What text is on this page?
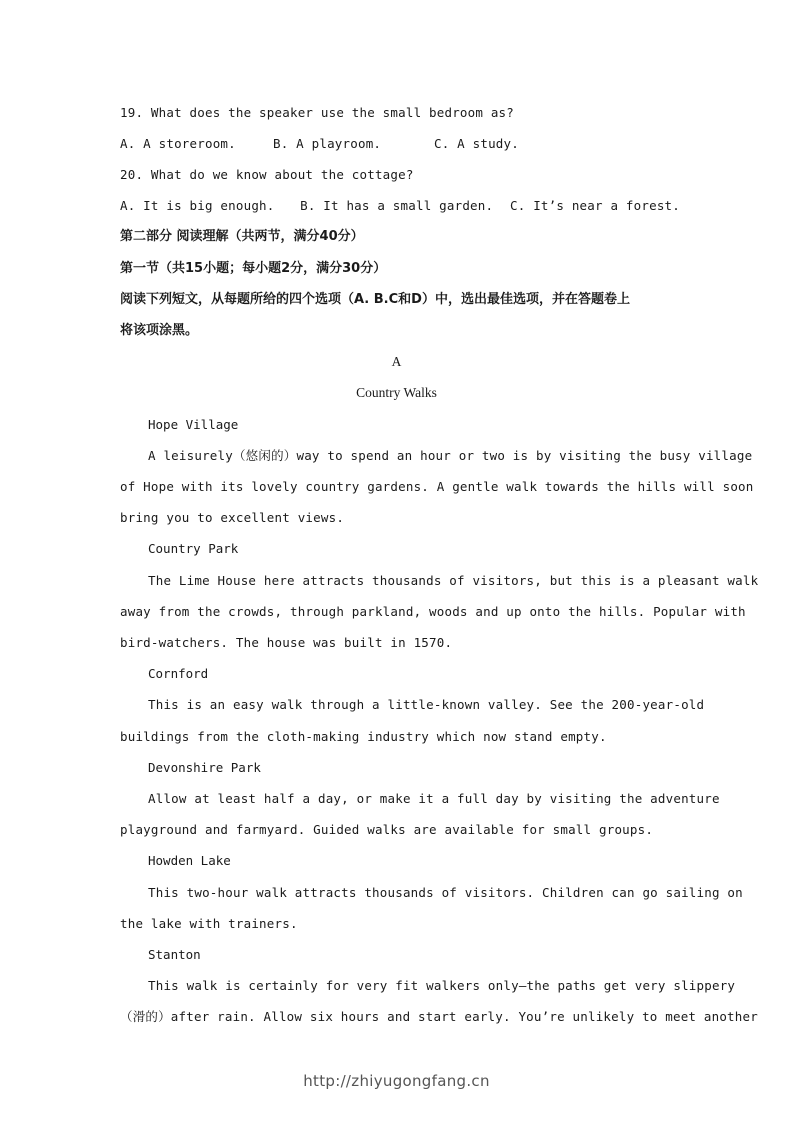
19. What does the speaker use the small bedroom as?
A. A storeroom.	B. A playroom.	C. A study.
20. What do we know about the cottage?
A. It is big enough.	B. It has a small garden.	C. It’s near a forest.
第二部分 阅读理解（共两节，满分40分）
第一节（共15小题；每小题2分，满分30分）
阅读下列短文，从每题所给的四个选项（A. B.C和D）中，选出最佳选项，并在答题卷上
将该项涂黑。
A
Country Walks
Hope Village
A leisurely（悠闲的）way to spend an hour or two is by visiting the busy village
of Hope with its lovely country gardens. A gentle walk towards the hills will soon
bring you to excellent views.
Country Park
The Lime House here attracts thousands of visitors, but this is a pleasant walk
away from the crowds, through parkland, woods and up onto the hills. Popular with
bird-watchers. The house was built in 1570.
Cornford
This is an easy walk through a little-known valley. See the 200-year-old
buildings from the cloth-making industry which now stand empty.
Devonshire Park
Allow at least half a day, or make it a full day by visiting the adventure
playground and farmyard. Guided walks are available for small groups.
Howden Lake
This two-hour walk attracts thousands of visitors. Children can go sailing on
the lake with trainers.
Stanton
This walk is certainly for very fit walkers only—the paths get very slippery
（滑的）after rain. Allow six hours and start early. You’re unlikely to meet another
http://zhiyugongfang.cn
